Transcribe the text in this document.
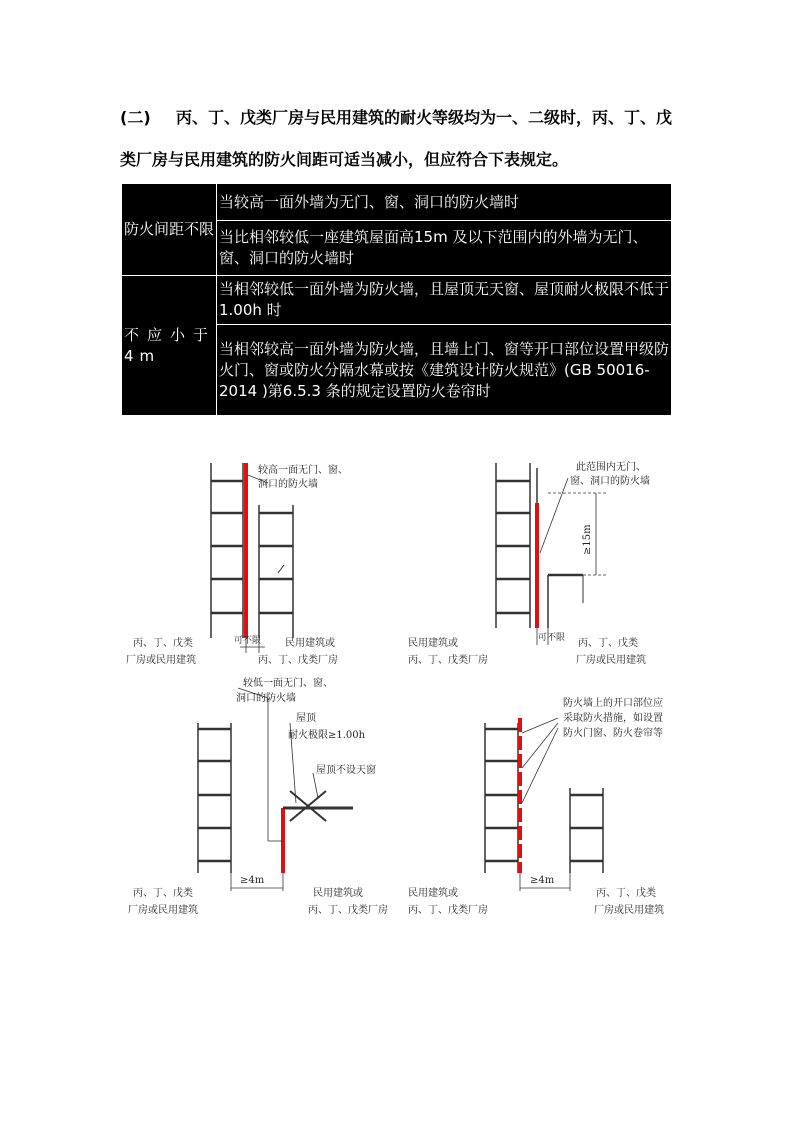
(二) 丙、丁、戊类厂房与民用建筑的耐火等级均为一、二级时，丙、丁、戊
类厂房与民用建筑的防火间距可适当减小，但应符合下表规定。
防火间距不限	当较高一面外墙为无门、窗、洞口的防火墙时
	当比相邻较低一座建筑屋面高15m 及以下范围内的外墙为无门、窗、洞口的防火墙时
不应小于4m	当相邻较低一面外墙为防火墙，且屋顶无天窗、屋顶耐火极限不低于1.00h 时
	当相邻较高一面外墙为防火墙，且墙上门、窗等开口部位设置甲级防火门、窗或防火分隔水幕或按《建筑设计防火规范》(GB 50016-2014 )第6.5.3 条的规定设置防火卷帘时
较高一面无门、窗、
洞口的防火墙
可不限
丙、丁、戊类
厂房或民用建筑
民用建筑或
丙、丁、戊类厂房
≥15m
此范围内无门、
窗、洞口的防火墙
可不限
民用建筑或
丙、丁、戊类厂房
丙、丁、戊类
厂房或民用建筑
较低一面无门、窗、
洞口的防火墙
屋顶
耐火极限≥1.00h
屋顶不设天窗
≥4m
丙、丁、戊类
厂房或民用建筑
民用建筑或
丙、丁、戊类厂房
防火墙上的开口部位应
采取防火措施，如设置
防火门窗、防火卷帘等
≥4m
民用建筑或
丙、丁、戊类厂房
丙、丁、戊类
厂房或民用建筑
